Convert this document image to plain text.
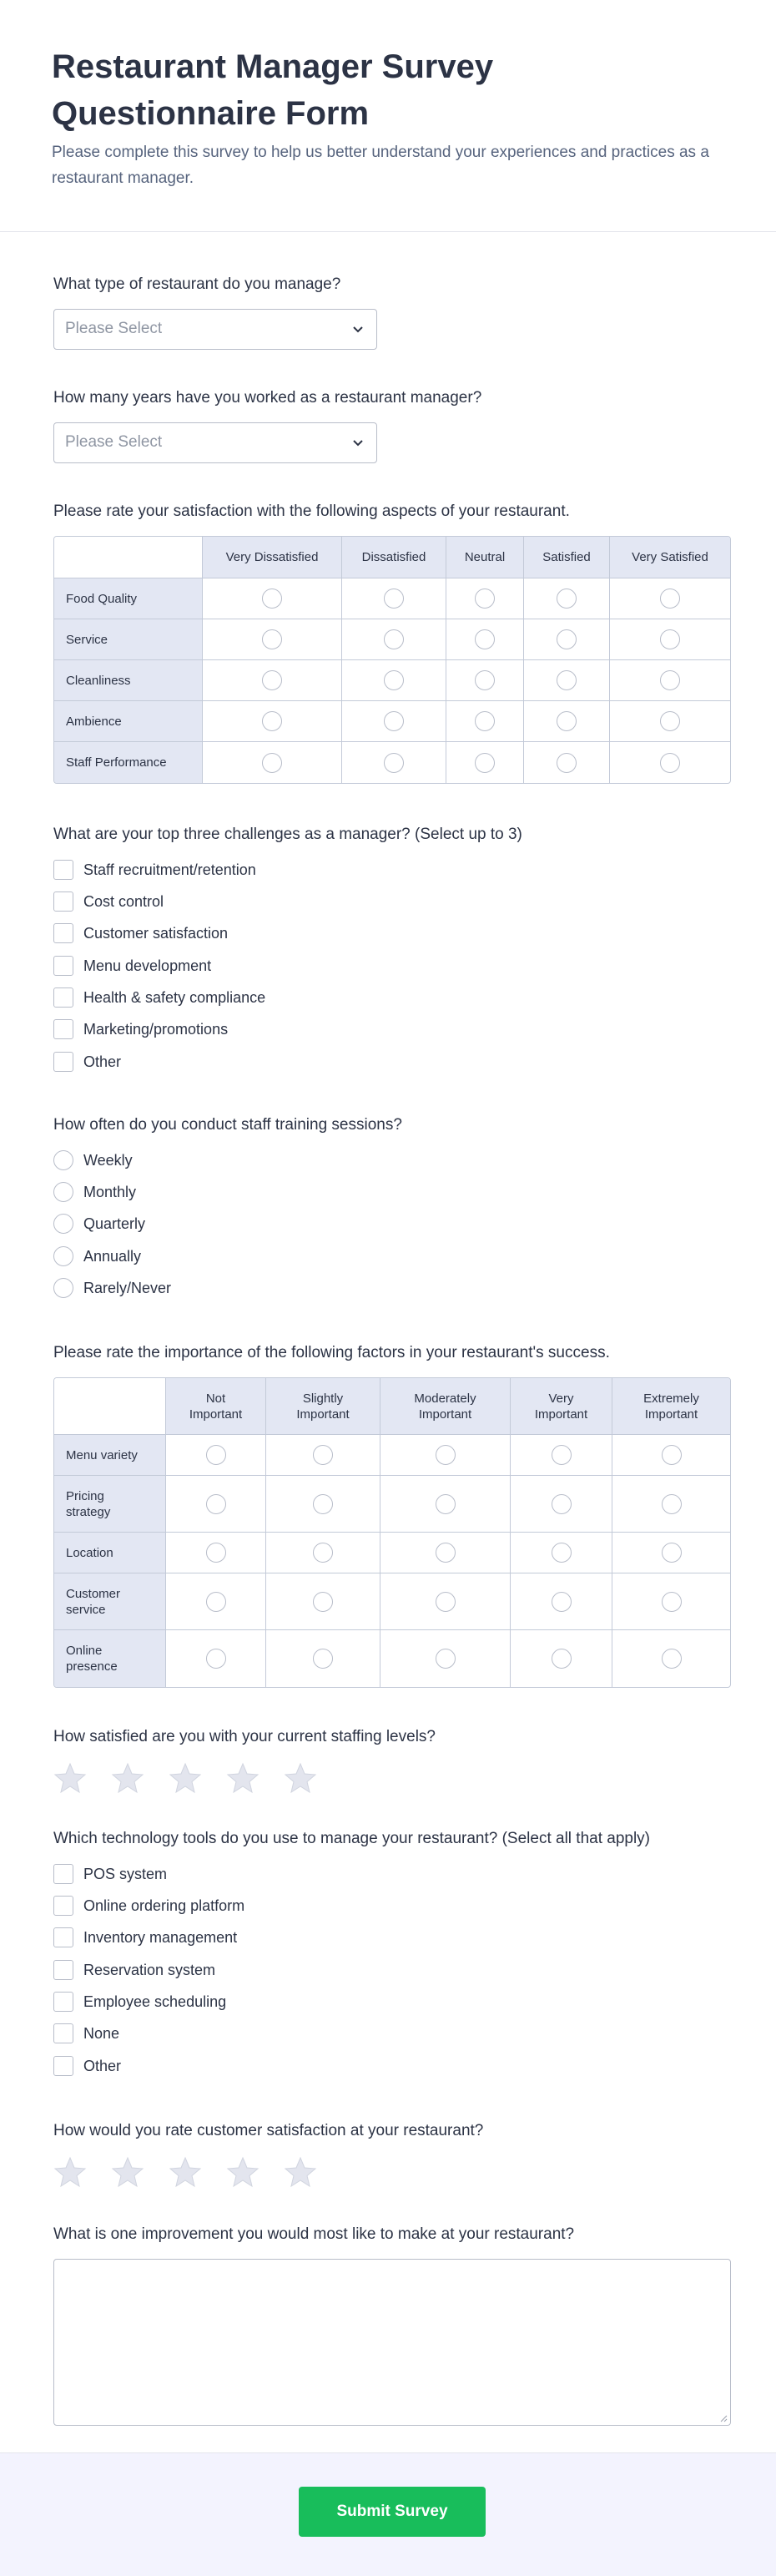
Restaurant Manager Survey Questionnaire Form

Please complete this survey to help us better understand your experiences and practices as a restaurant manager.

What type of restaurant do you manage?
Please Select
How many years have you worked as a restaurant manager?
Please Select
Please rate your satisfaction with the following aspects of your restaurant.
	Very Dissatisfied	Dissatisfied	Neutral	Satisfied	Very Satisfied
Food Quality					
Service					
Cleanliness					
Ambience					
Staff Performance					
What are your top three challenges as a manager? (Select up to 3)
Staff recruitment/retention
Cost control
Customer satisfaction
Menu development
Health & safety compliance
Marketing/promotions
Other
How often do you conduct staff training sessions?
Weekly
Monthly
Quarterly
Annually
Rarely/Never
Please rate the importance of the following factors in your restaurant's success.
	Not Important	Slightly Important	Moderately Important	Very Important	Extremely Important
Menu variety					
Pricing strategy					
Location					
Customer service					
Online presence					
How satisfied are you with your current staffing levels?
Which technology tools do you use to manage your restaurant? (Select all that apply)
POS system
Online ordering platform
Inventory management
Reservation system
Employee scheduling
None
Other
How would you rate customer satisfaction at your restaurant?
What is one improvement you would most like to make at your restaurant?
Submit Survey
